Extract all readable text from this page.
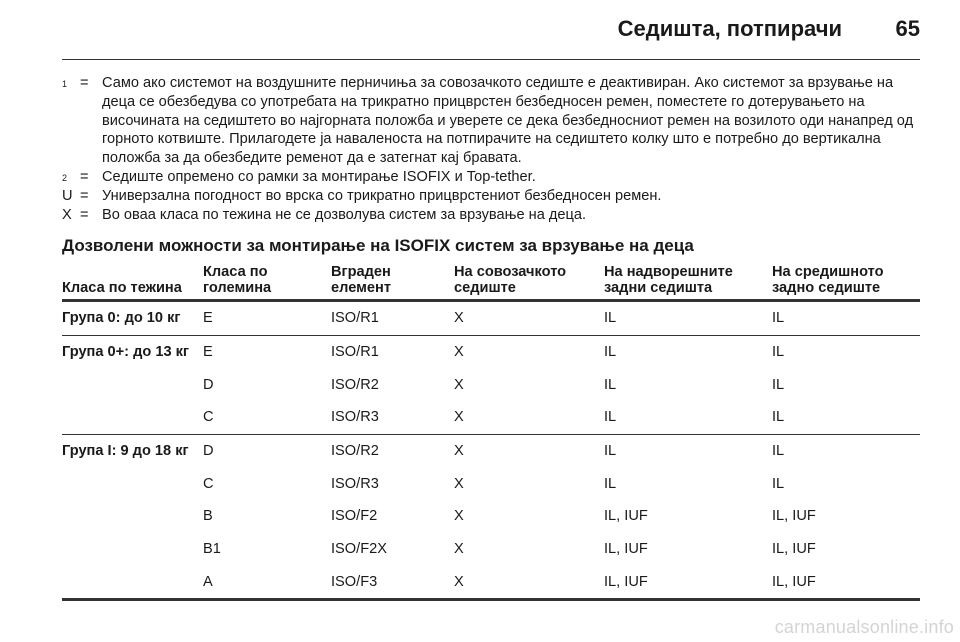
Седишта, потпирачи 65
$^1$ = Само ако системот на воздушните перничиња за совозачкото седиште е деактивиран. Ако системот за врзување на деца се обезбедува со употребата на трикратно прицврстен безбедносен ремен, поместете го дотерувањето на височината на седиштето во најгорната положба и уверете се дека безбедносниот ремен на возилото оди нанапред од горното котвиште. Прилагодете ја наваленоста на потпирачите на седиштето колку што е потребно до вертикална положба за да обезбедите ременот да е затегнат кај бравата.
$^2$ = Седиште опремено со рамки за монтирање ISOFIX и Top-tether.
U = Универзална погодност во врска со трикратно прицврстениот безбедносен ремен.
X = Во оваа класа по тежина не се дозволува систем за врзување на деца.
Дозволени можности за монтирање на ISOFIX систем за врзување на деца
Класа по тежина	Класа по големина	Вграден елемент	На совозачкото седиште	На надворешните задни седишта	На средишното задно седиште
Група 0: до 10 кг	E	ISO/R1	X	IL	IL
Група 0+: до 13 кг	E	ISO/R1	X	IL	IL
	D	ISO/R2	X	IL	IL
	C	ISO/R3	X	IL	IL
Група I: 9 до 18 кг	D	ISO/R2	X	IL	IL
	C	ISO/R3	X	IL	IL
	B	ISO/F2	X	IL, IUF	IL, IUF
	B1	ISO/F2X	X	IL, IUF	IL, IUF
	A	ISO/F3	X	IL, IUF	IL, IUF
carmanualsonline.info
